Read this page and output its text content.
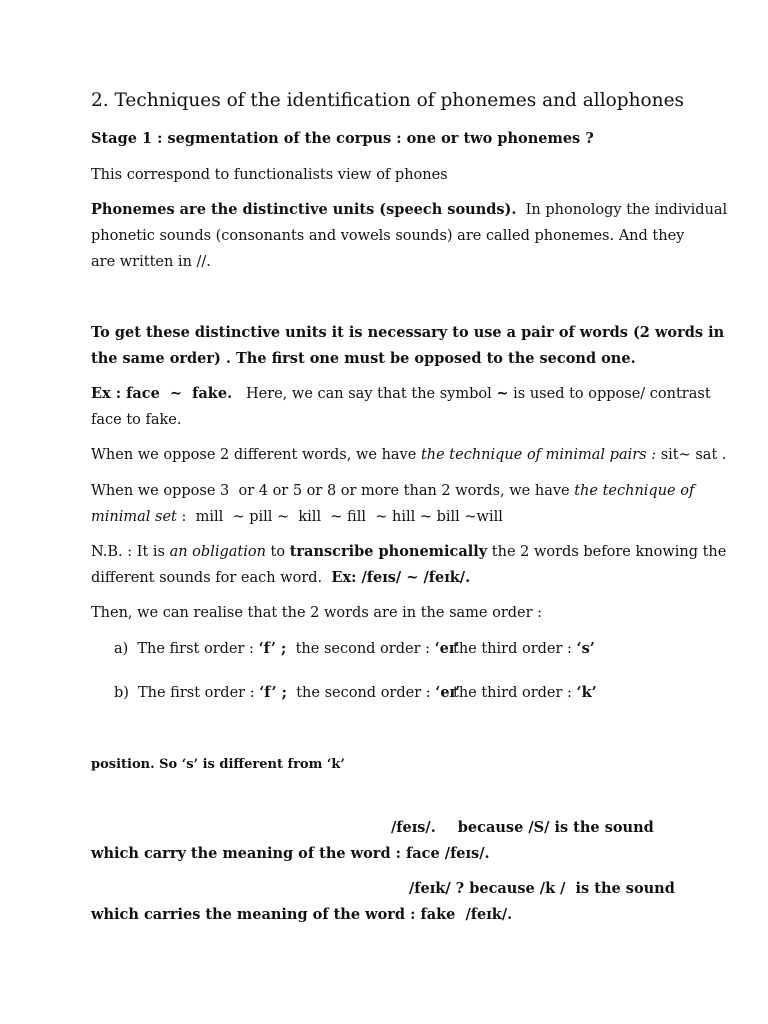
2. Techniques of the identification of phonemes and allophones
Stage 1 : segmentation of the corpus : one or two phonemes ?
This correspond to functionalists view of phones
Phonemes are the distinctive units (speech sounds).  In phonology the individual
phonetic sounds (consonants and vowels sounds) are called phonemes. And they
are written in //.
To get these distinctive units it is necessary to use a pair of words (2 words in
the same order) . The first one must be opposed to the second one.
Ex : face  ~  fake.   Here, we can say that the symbol ~ is used to oppose/ contrast
face to fake.
When we oppose 2 different words, we have the technique of minimal pairs : sit~ sat .
When we oppose 3  or 4 or 5 or 8 or more than 2 words, we have the technique of
minimal set :  mill  ~ pill ~  kill  ~ fill  ~ hill ~ bill ~will
N.B. : It is an obligation to transcribe phonemically the 2 words before knowing the
different sounds for each word.  Ex: /feɪs/ ~ /feɪk/.
Then, we can realise that the 2 words are in the same order :
a) The first order : ‘f’ ;  the second order : ‘eɪ’
the third order : ‘s’
b) The first order : ‘f’ ;  the second order : ‘eɪ’
the third order : ‘k’
position. So ‘s’ is different from ‘k’
/feɪs/. because /S/ is the sound
which carry the meaning of the word : face /feɪs/.
/feɪk/ ? because /k /  is the sound
which carries the meaning of the word : fake  /feɪk/.
